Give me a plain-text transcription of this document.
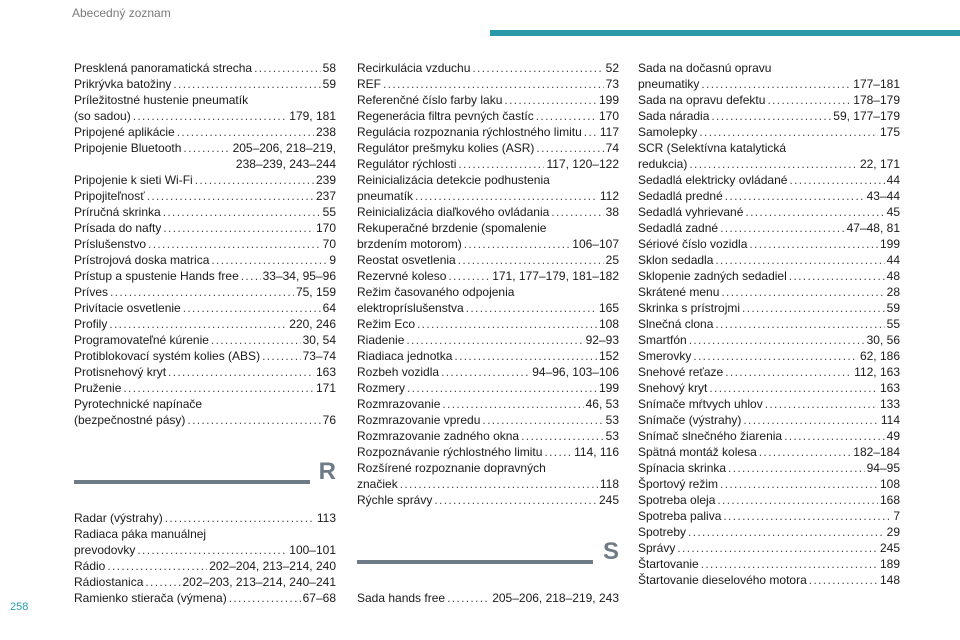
Abecedný zoznam
258
Presklená panoramatická strecha . . .	58
Prikrývka batožiny . . .	59
Príležitostné hustenie pneumatík
(so sadou) . . .	179, 181
Pripojené aplikácie . . .	238
Pripojenie Bluetooth . . .	205–206, 218–219,
238–239, 243–244
Pripojenie k sieti Wi-Fi . . .	239
Pripojiteľnosť . . .	237
Príručná skrinka . . .	55
Prísada do nafty . . .	170
Príslušenstvo . . .	70
Prístrojová doska matrica . . .	9
Prístup a spustenie Hands free . . . 33–34, 95–96
Príves . . .	75, 159
Privítacie osvetlenie . . .	64
Profily . . .	220, 246
Programovateľné kúrenie . . .	30, 54
Protiblokovací systém kolies (ABS) . . .	73–74
Protisnehový kryt . . .	163
Pruženie . . .	171
Pyrotechnické napínače
(bezpečnostné pásy) . . .	76
R
Radar (výstrahy) . . .	113
Radiaca páka manuálnej
prevodovky . . .	100–101
Rádio . . .	202–204, 213–214, 240
Rádiostanica . . .	202–203, 213–214, 240–241
Ramienko stierača (výmena) . . .	67–68
Recirkulácia vzduchu . . .	52
REF . . .	73
Referenčné číslo farby laku . . .	199
Regenerácia filtra pevných častíc . . .	170
Regulácia rozpoznania rýchlostného limitu . . . 117
Regulátor prešmyku kolies (ASR) . . .	74
Regulátor rýchlosti . . .	117, 120–122
Reinicializácia detekcie podhustenia
pneumatík . . .	112
Reinicializácia diaľkového ovládania . . .	38
Rekuperačné brzdenie (spomalenie
brzdením motorom) . . .	106–107
Reostat osvetlenia . . .	25
Rezervné koleso . . .	171, 177–179, 181–182
Režim časovaného odpojenia
elektropríslušenstva . . .	165
Režim Eco . . .	108
Riadenie . . .	92–93
Riadiaca jednotka . . .	152
Rozbeh vozidla . . .	94–96, 103–106
Rozmery . . .	199
Rozmrazovanie . . .	46, 53
Rozmrazovanie vpredu . . .	53
Rozmrazovanie zadného okna . . .	53
Rozpoznávanie rýchlostného limitu . . .	114, 116
Rozšírené rozpoznanie dopravných
značiek . . .	118
Rýchle správy . . .	245
S
Sada hands free . . .	205–206, 218–219, 243
Sada na dočasnú opravu
pneumatiky . . .	177–181
Sada na opravu defektu . . .	178–179
Sada náradia . . .	59, 177–179
Samolepky . . .	175
SCR (Selektívna katalytická
redukcia) . . .	22, 171
Sedadlá elektricky ovládané . . .	44
Sedadlá predné . . .	43–44
Sedadlá vyhrievané . . .	45
Sedadlá zadné . . .	47–48, 81
Sériové číslo vozidla . . .	199
Sklon sedadla . . .	44
Sklopenie zadných sedadiel . . .	48
Skrátené menu . . .	28
Skrinka s prístrojmi . . .	59
Slnečná clona . . .	55
Smartfón . . .	30, 56
Smerovky . . .	62, 186
Snehové reťaze . . .	112, 163
Snehový kryt . . .	163
Snímače mŕtvych uhlov . . .	133
Snímače (výstrahy) . . .	114
Snímač slnečného žiarenia . . .	49
Spätná montáž kolesa . . .	182–184
Spínacia skrinka . . .	94–95
Športový režim . . .	108
Spotreba oleja . . .	168
Spotreba paliva . . .	7
Spotreby . . .	29
Správy . . .	245
Štartovanie . . .	189
Štartovanie dieselového motora . . .	148
